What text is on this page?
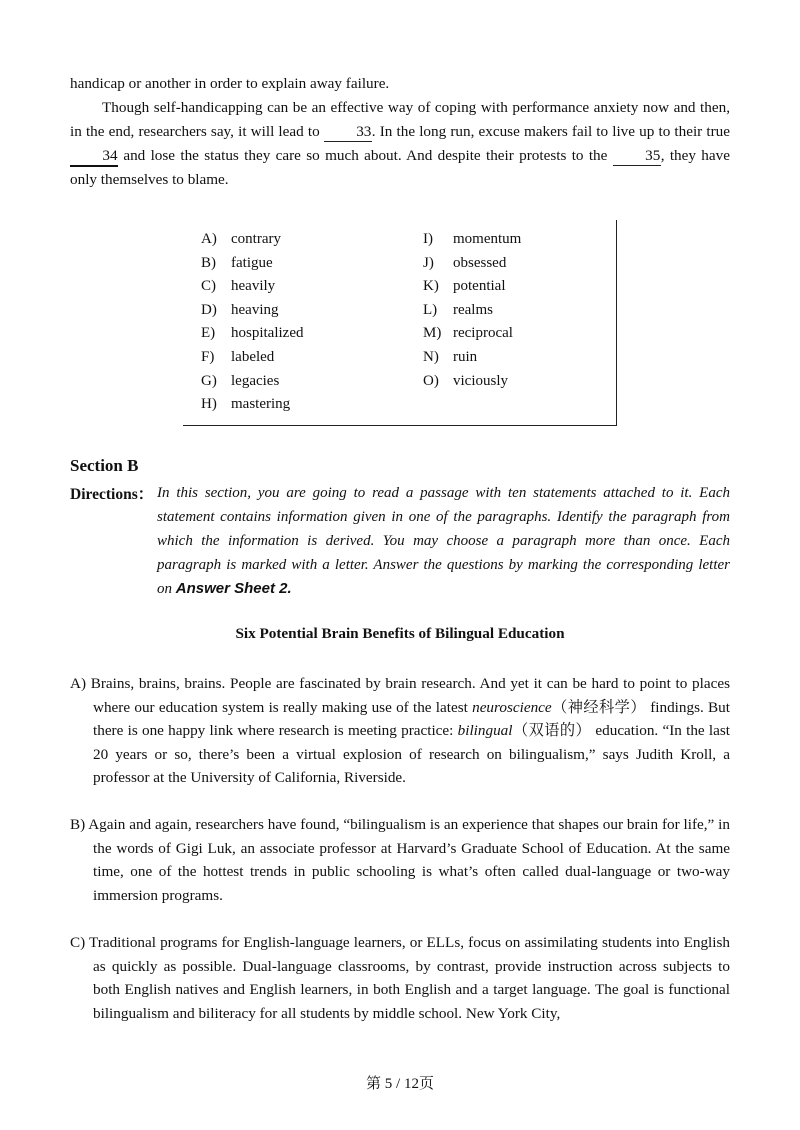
handicap or another in order to explain away failure.

Though self-handicapping can be an effective way of coping with performance anxiety now and then, in the end, researchers say, it will lead to 33. In the long run, excuse makers fail to live up to their true 34 and lose the status they care so much about. And despite their protests to the 35, they have only themselves to blame.

A) contrary
B) fatigue
C) heavily
D) heaving
E) hospitalized
F) labeled
G) legacies
H) mastering
I) momentum
J) obsessed
K) potential
L) realms
M) reciprocal
N) ruin
O) viciously
Section B
Directions： In this section, you are going to read a passage with ten statements attached to it. Each statement contains information given in one of the paragraphs. Identify the paragraph from which the information is derived. You may choose a paragraph more than once. Each paragraph is marked with a letter. Answer the questions by marking the corresponding letter on Answer Sheet 2.

Six Potential Brain Benefits of Bilingual Education

A) Brains, brains, brains. People are fascinated by brain research. And yet it can be hard to point to places where our education system is really making use of the latest neuroscience（神经科学） findings. But there is one happy link where research is meeting practice: bilingual（双语的） education. “In the last 20 years or so, there’s been a virtual explosion of research on bilingualism,” says Judith Kroll, a professor at the University of California, Riverside.

B) Again and again, researchers have found, “bilingualism is an experience that shapes our brain for life,” in the words of Gigi Luk, an associate professor at Harvard’s Graduate School of Education. At the same time, one of the hottest trends in public schooling is what’s often called dual-language or two-way immersion programs.

C) Traditional programs for English-language learners, or ELLs, focus on assimilating students into English as quickly as possible. Dual-language classrooms, by contrast, provide instruction across subjects to both English natives and English learners, in both English and a target language. The goal is functional bilingualism and biliteracy for all students by middle school. New York City,

第 5 / 12页
